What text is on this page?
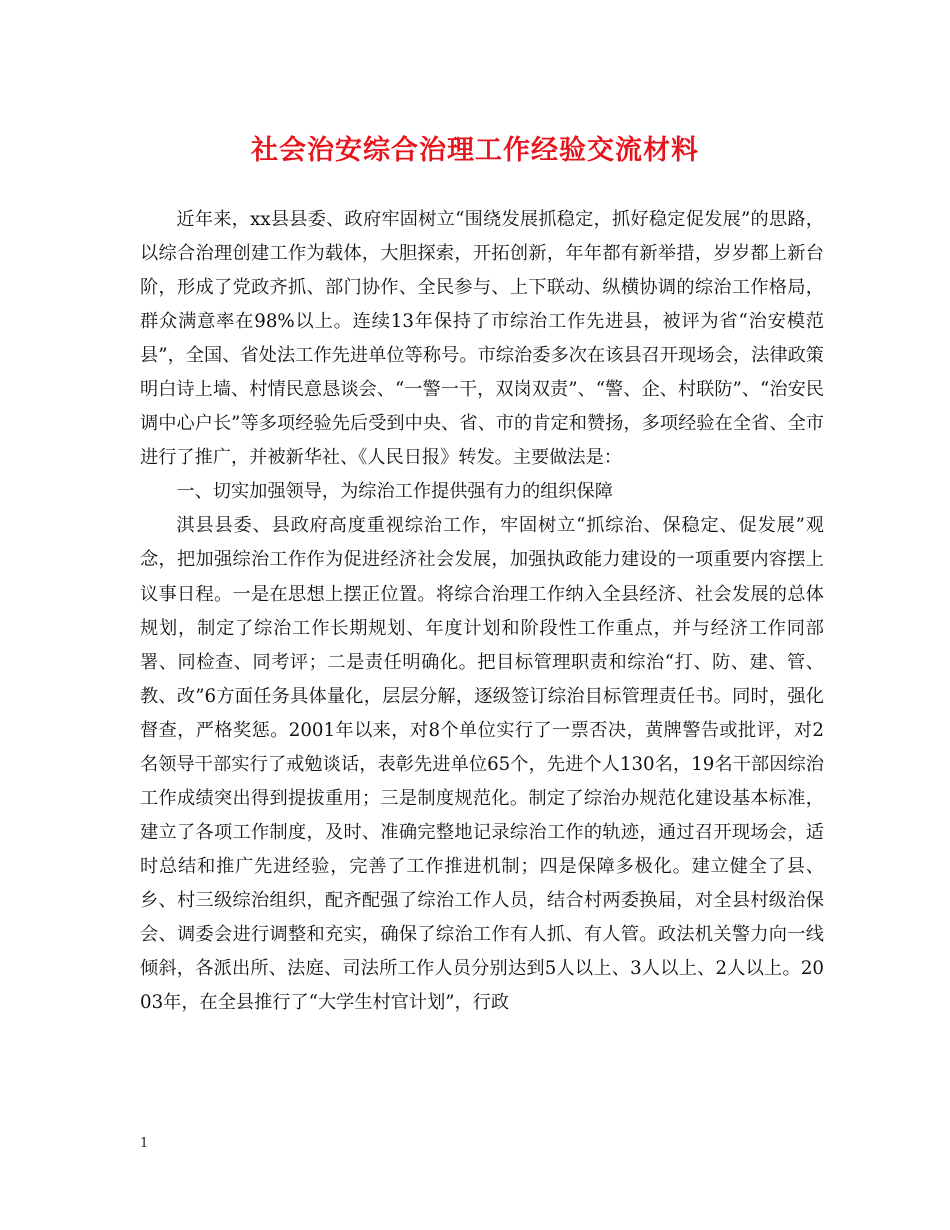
社会治安综合治理工作经验交流材料

近年来，xx县县委、政府牢固树立“围绕发展抓稳定，抓好稳定促发展”的思路，以综合治理创建工作为载体，大胆探索，开拓创新，年年都有新举措，岁岁都上新台阶，形成了党政齐抓、部门协作、全民参与、上下联动、纵横协调的综治工作格局，群众满意率在98%以上。连续13年保持了市综治工作先进县，被评为省“治安模范县”，全国、省处法工作先进单位等称号。市综治委多次在该县召开现场会，法律政策明白诗上墙、村情民意恳谈会、“一警一干，双岗双责”、“警、企、村联防”、“治安民调中心户长”等多项经验先后受到中央、省、市的肯定和赞扬，多项经验在全省、全市进行了推广，并被新华社、《人民日报》转发。主要做法是：

一、切实加强领导，为综治工作提供强有力的组织保障

淇县县委、县政府高度重视综治工作，牢固树立“抓综治、保稳定、促发展”观念，把加强综治工作作为促进经济社会发展，加强执政能力建设的一项重要内容摆上议事日程。一是在思想上摆正位置。将综合治理工作纳入全县经济、社会发展的总体规划，制定了综治工作长期规划、年度计划和阶段性工作重点，并与经济工作同部署、同检查、同考评；二是责任明确化。把目标管理职责和综治“打、防、建、管、教、改”6方面任务具体量化，层层分解，逐级签订综治目标管理责任书。同时，强化督查，严格奖惩。2001年以来，对8个单位实行了一票否决，黄牌警告或批评，对2名领导干部实行了戒勉谈话，表彰先进单位65个，先进个人130名，19名干部因综治工作成绩突出得到提拔重用；三是制度规范化。制定了综治办规范化建设基本标准，建立了各项工作制度，及时、准确完整地记录综治工作的轨迹，通过召开现场会，适时总结和推广先进经验，完善了工作推进机制；四是保障多极化。建立健全了县、乡、村三级综治组织，配齐配强了综治工作人员，结合村两委换届，对全县村级治保会、调委会进行调整和充实，确保了综治工作有人抓、有人管。政法机关警力向一线倾斜，各派出所、法庭、司法所工作人员分别达到5人以上、3人以上、2人以上。2003年，在全县推行了“大学生村官计划”，行政

1
